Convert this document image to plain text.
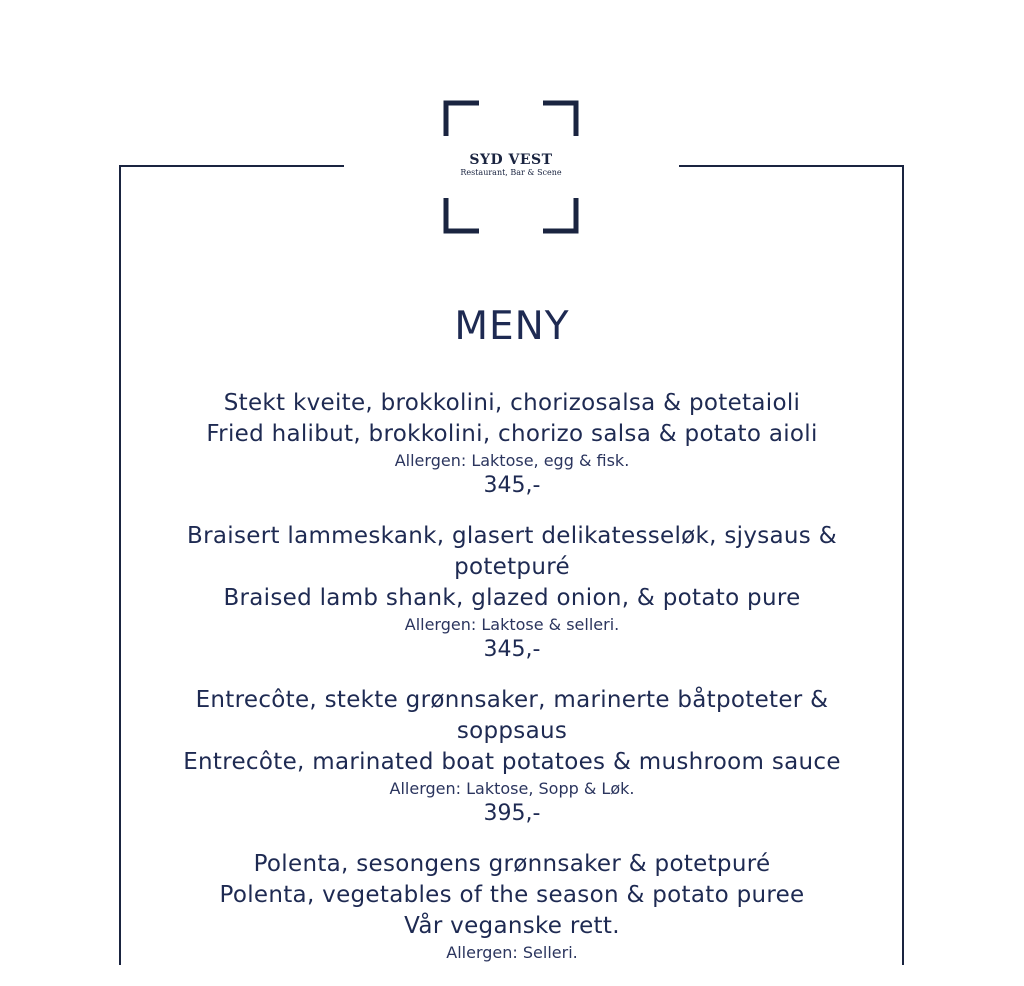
SYD VEST
Restaurant, Bar & Scene
MENY
Stekt kveite, brokkolini, chorizosalsa & potetaioli
Fried halibut, brokkolini, chorizo salsa & potato aioli
Allergen: Laktose, egg & fisk.
345,-
Braisert lammeskank, glasert delikatesseløk, sjysaus & potetpuré
Braised lamb shank, glazed onion, & potato pure
Allergen: Laktose & selleri.
345,-
Entrecôte, stekte grønnsaker, marinerte båtpoteter & soppsaus
Entrecôte, marinated boat potatoes & mushroom sauce
Allergen: Laktose, Sopp & Løk.
395,-
Polenta, sesongens grønnsaker & potetpuré
Polenta, vegetables of the season & potato puree
Vår veganske rett.
Allergen: Selleri.
